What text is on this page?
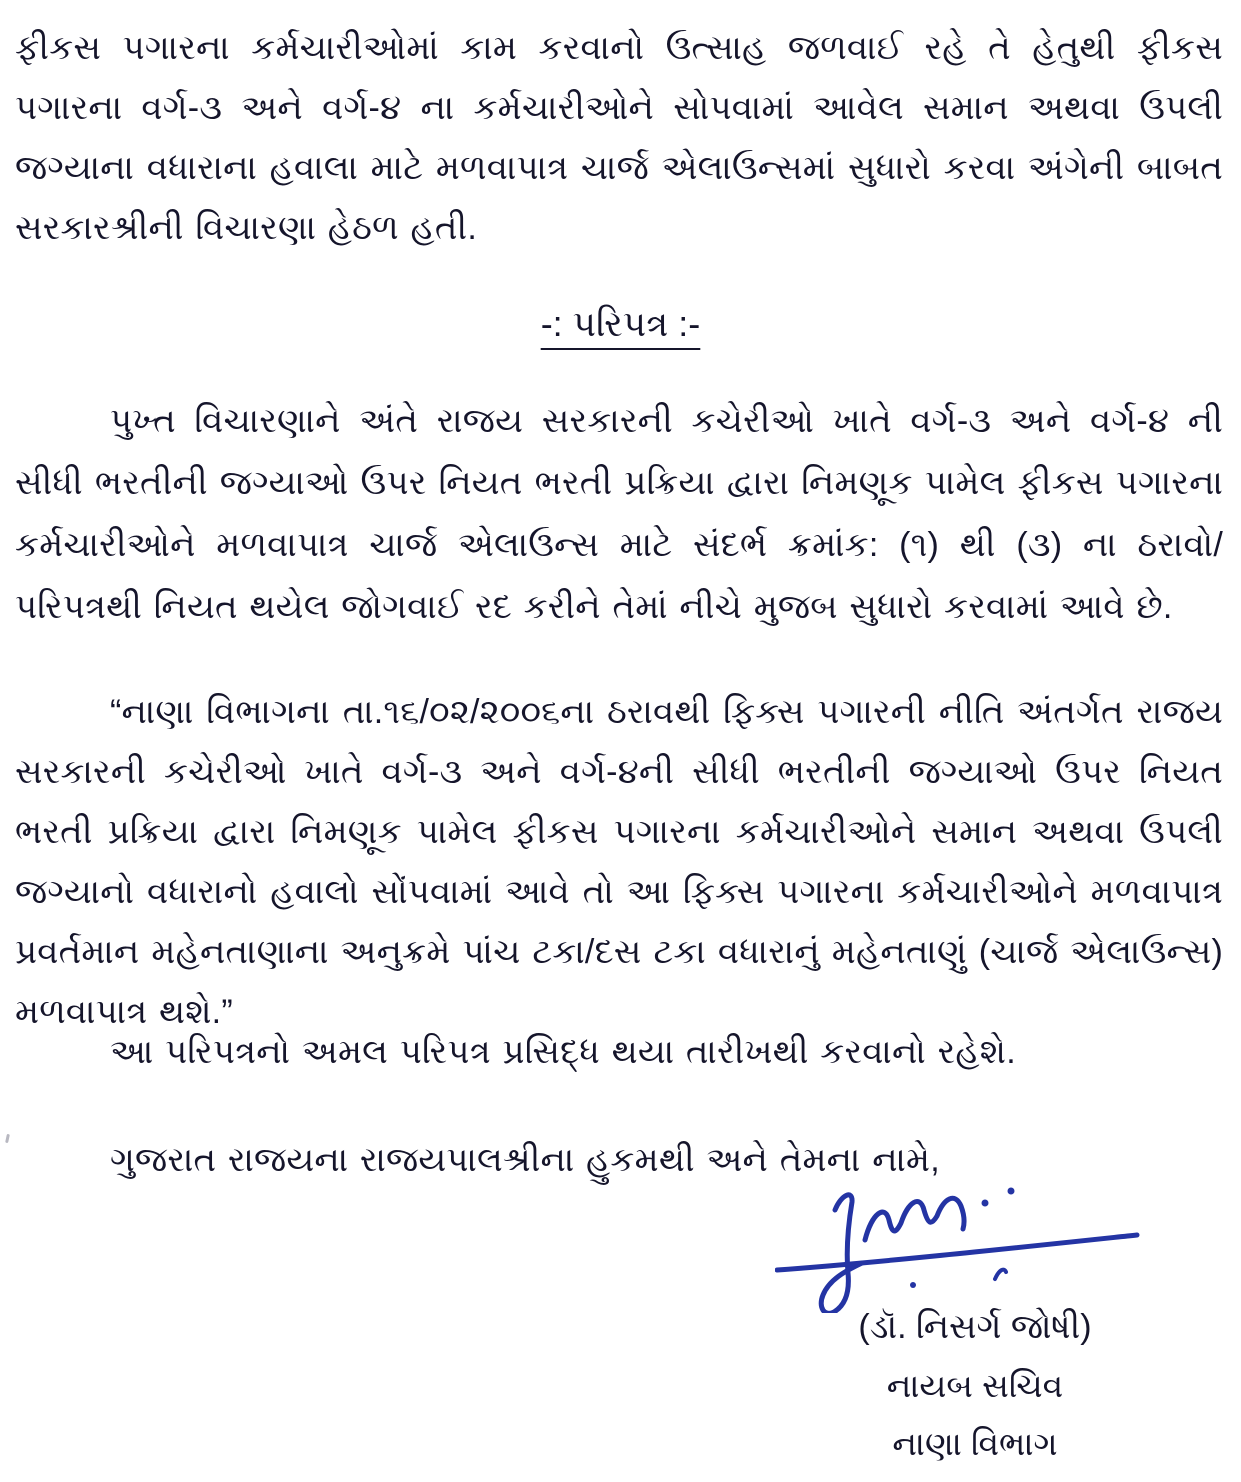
ફીકસ પગારના કર્મચારીઓમાં કામ કરવાનો ઉત્સાહ જળવાઈ રહે તે હેતુથી ફીકસ પગારના વર્ગ-૩ અને વર્ગ-૪ ના કર્મચારીઓને સોપવામાં આવેલ સમાન અથવા ઉપલી જગ્યાના વધારાના હવાલા માટે મળવાપાત્ર ચાર્જ એલાઉન્સમાં સુધારો કરવા અંગેની બાબત સરકારશ્રીની વિચારણા હેઠળ હતી.

-: પરિપત્ર :-

પુખ્ત વિચારણાને અંતે રાજય સરકારની કચેરીઓ ખાતે વર્ગ-૩ અને વર્ગ-૪ ની સીધી ભરતીની જગ્યાઓ ઉપર નિયત ભરતી પ્રક્રિયા દ્વારા નિમણૂક પામેલ ફીકસ પગારના કર્મચારીઓને મળવાપાત્ર ચાર્જ એલાઉન્સ માટે સંદર્ભ ક્રમાંક: (૧) થી (૩) ના ઠરાવો/પરિપત્રથી નિયત થયેલ જોગવાઈ રદ કરીને તેમાં નીચે મુજબ સુધારો કરવામાં આવે છે.

“નાણા વિભાગના તા.૧૬/૦૨/૨૦૦૬ના ઠરાવથી ફિક્સ પગારની નીતિ અંતર્ગત રાજય સરકારની કચેરીઓ ખાતે વર્ગ-૩ અને વર્ગ-૪ની સીધી ભરતીની જગ્યાઓ ઉપર નિયત ભરતી પ્રક્રિયા દ્વારા નિમણૂક પામેલ ફીકસ પગારના કર્મચારીઓને સમાન અથવા ઉપલી જગ્યાનો વધારાનો હવાલો સોંપવામાં આવે તો આ ફિક્સ પગારના કર્મચારીઓને મળવાપાત્ર પ્રવર્તમાન મહેનતાણાના અનુક્રમે પાંચ ટકા/દસ ટકા વધારાનું મહેનતાણું (ચાર્જ એલાઉન્સ) મળવાપાત્ર થશે.”

આ પરિપત્રનો અમલ પરિપત્ર પ્રસિદ્ધ થયા તારીખથી કરવાનો રહેશે.

ગુજરાત રાજયના રાજયપાલશ્રીના હુકમથી અને તેમના નામે,

(ડૉ. નિસર્ગ જોષી)
નાયબ સચિવ
નાણા વિભાગ
